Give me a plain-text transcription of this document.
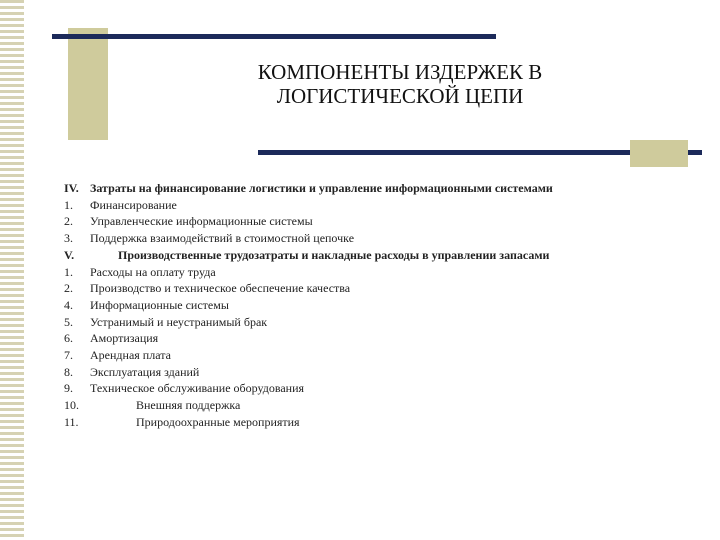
КОМПОНЕНТЫ ИЗДЕРЖЕК В
ЛОГИСТИЧЕСКОЙ ЦЕПИ
IV. Затраты на финансирование логистики и управление информационными системами
1.	Финансирование
2.	Управленческие информационные системы
3.	Поддержка взаимодействий в стоимостной цепочке
V.	Производственные трудозатраты и накладные расходы в управлении запасами
1.	Расходы на оплату труда
2.	Производство и техническое обеспечение качества
4.	Информационные системы
5.	Устранимый и неустранимый брак
6.	Амортизация
7.	Арендная плата
8.	Эксплуатация зданий
9.	Техническое обслуживание оборудования
10.	Внешняя поддержка
11.	Природоохранные мероприятия
